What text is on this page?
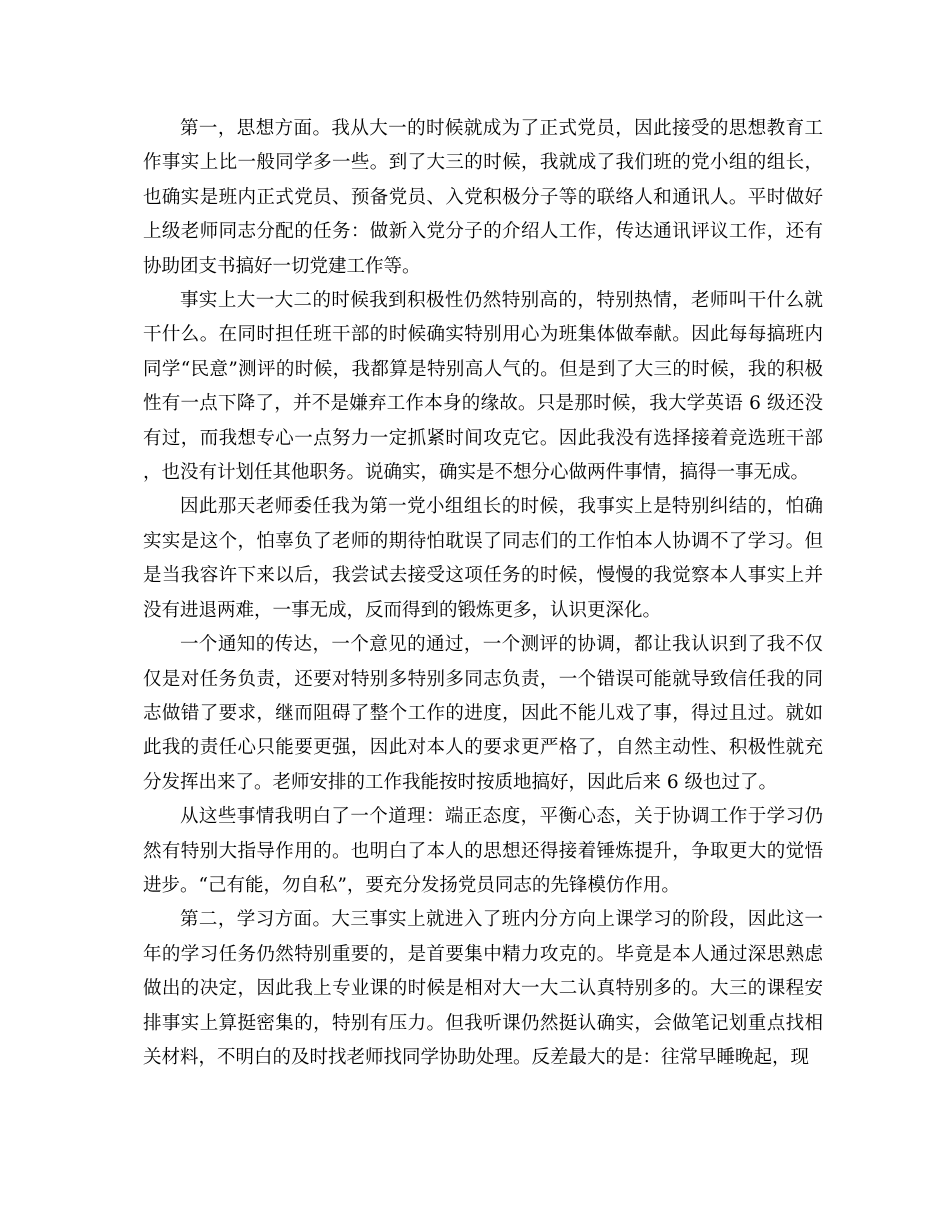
第一，思想方面。我从大一的时候就成为了正式党员，因此接受的思想教育工作事实上比一般同学多一些。到了大三的时候，我就成了我们班的党小组的组长，也确实是班内正式党员、预备党员、入党积极分子等的联络人和通讯人。平时做好上级老师同志分配的任务：做新入党分子的介绍人工作，传达通讯评议工作，还有协助团支书搞好一切党建工作等。

事实上大一大二的时候我到积极性仍然特别高的，特别热情，老师叫干什么就干什么。在同时担任班干部的时候确实特别用心为班集体做奉献。因此每每搞班内同学“民意”测评的时候，我都算是特别高人气的。但是到了大三的时候，我的积极性有一点下降了，并不是嫌弃工作本身的缘故。只是那时候，我大学英语 6 级还没有过，而我想专心一点努力一定抓紧时间攻克它。因此我没有选择接着竞选班干部，也没有计划任其他职务。说确实，确实是不想分心做两件事情，搞得一事无成。

因此那天老师委任我为第一党小组组长的时候，我事实上是特别纠结的，怕确实实是这个，怕辜负了老师的期待怕耽误了同志们的工作怕本人协调不了学习。但是当我容许下来以后，我尝试去接受这项任务的时候，慢慢的我觉察本人事实上并没有进退两难，一事无成，反而得到的锻炼更多，认识更深化。

一个通知的传达，一个意见的通过，一个测评的协调，都让我认识到了我不仅仅是对任务负责，还要对特别多特别多同志负责，一个错误可能就导致信任我的同志做错了要求，继而阻碍了整个工作的进度，因此不能儿戏了事，得过且过。就如此我的责任心只能要更强，因此对本人的要求更严格了，自然主动性、积极性就充分发挥出来了。老师安排的工作我能按时按质地搞好，因此后来 6 级也过了。

从这些事情我明白了一个道理：端正态度，平衡心态，关于协调工作于学习仍然有特别大指导作用的。也明白了本人的思想还得接着锤炼提升，争取更大的觉悟进步。“己有能，勿自私”，要充分发扬党员同志的先锋模仿作用。

第二，学习方面。大三事实上就进入了班内分方向上课学习的阶段，因此这一年的学习任务仍然特别重要的，是首要集中精力攻克的。毕竟是本人通过深思熟虑做出的决定，因此我上专业课的时候是相对大一大二认真特别多的。大三的课程安排事实上算挺密集的，特别有压力。但我听课仍然挺认确实，会做笔记划重点找相关材料，不明白的及时找老师找同学协助处理。反差最大的是：往常早睡晚起，现
